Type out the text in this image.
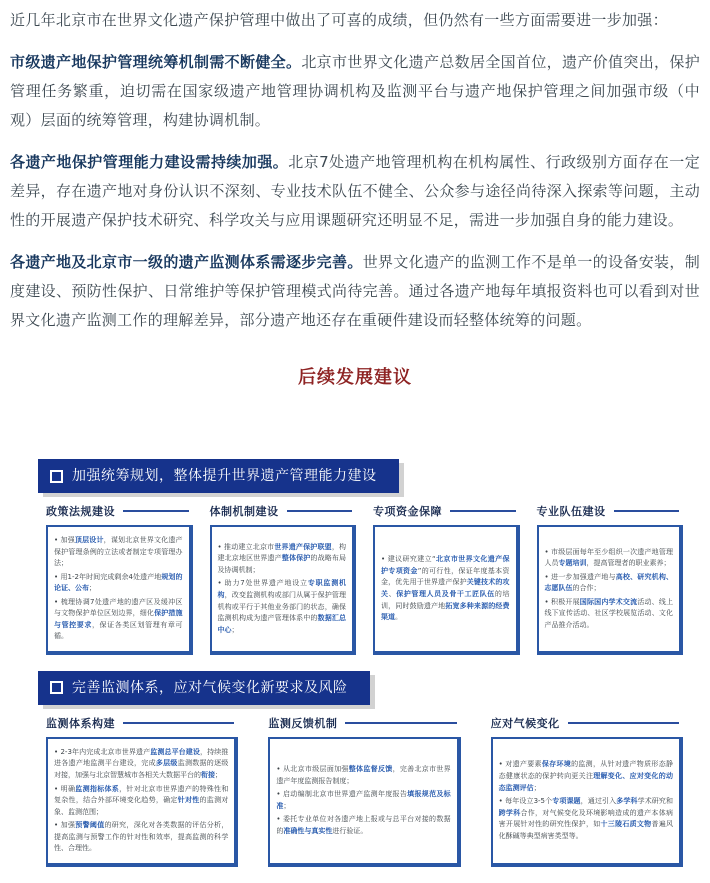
近几年北京市在世界文化遗产保护管理中做出了可喜的成绩，但仍然有一些方面需要进一步加强：

市级遗产地保护管理统筹机制需不断健全。北京市世界文化遗产总数居全国首位，遗产价值突出，保护管理任务繁重，迫切需在国家级遗产地管理协调机构及监测平台与遗产地保护管理之间加强市级（中观）层面的统筹管理，构建协调机制。

各遗产地保护管理能力建设需持续加强。北京7处遗产地管理机构在机构属性、行政级别方面存在一定差异，存在遗产地对身份认识不深刻、专业技术队伍不健全、公众参与途径尚待深入探索等问题，主动性的开展遗产保护技术研究、科学攻关与应用课题研究还明显不足，需进一步加强自身的能力建设。

各遗产地及北京市一级的遗产监测体系需逐步完善。世界文化遗产的监测工作不是单一的设备安装，制度建设、预防性保护、日常维护等保护管理模式尚待完善。通过各遗产地每年填报资料也可以看到对世界文化遗产监测工作的理解差异，部分遗产地还存在重硬件建设而轻整体统筹的问题。

后续发展建议
加强统筹规划，整体提升世界遗产管理能力建设
政策法规建设
• 加强顶层设计，谋划北京世界文化遗产保护管理条例的立法或者制定专项管理办法；
• 用1-2年时间完成剩余4处遗产地规划的论证、公布；
• 梳理协调7处遗产地的遗产区及缓冲区与文物保护单位区划边界，细化保护措施与管控要求，保证各类区划管理有章可循。
体制机制建设
• 推动建立北京市世界遗产保护联盟，构建北京地区世界遗产整体保护的战略布局及协调机制；
• 助力7处世界遗产地设立专职监测机构，改变监测机构或部门从属于保护管理机构或平行于其他业务部门的状态，确保监测机构成为遗产管理体系中的数据汇总中心；
专项资金保障
• 建议研究建立“北京市世界文化遗产保护专项资金”的可行性，保证年度基本资金，优先用于世界遗产保护关键技术的攻关、保护管理人员及骨干工匠队伍的培训，同时鼓励遗产地拓宽多种来源的经费渠道。
专业队伍建设
• 市级层面每年至少组织一次遗产地管理人员专题培训，提高管理者的职业素养；
• 进一步加强遗产地与高校、研究机构、志愿队伍的合作；
• 积极开展国际国内学术交流活动、线上线下宣传活动、社区学校展览活动、文化产品推介活动。
完善监测体系，应对气候变化新要求及风险
监测体系构建
• 2-3年内完成北京市世界遗产监测总平台建设，持续推进各遗产地监测平台建设，完成多层级监测数据的逐级对接，加强与北京智慧城市各相关大数据平台的衔接；
• 明确监测指标体系，针对北京市世界遗产的特殊性和复杂性，结合外部环境变化趋势，确定针对性的监测对象、监测范围；
• 加强预警阈值的研究，深化对各类数据的评估分析，提高监测与预警工作的针对性和效率，提高监测的科学性、合理性。
监测反馈机制
• 从北京市级层面加强整体监督反馈，完善北京市世界遗产年度监测报告制度；
• 启动编制北京市世界遗产监测年度报告填报规范及标准；
• 委托专业单位对各遗产地上报或与总平台对接的数据的准确性与真实性进行验证。
应对气候变化
• 对遗产要素保存环境的监测，从针对遗产物质形态静态健康状态的保护转向更关注理解变化、应对变化的动态监测评估；
• 每年设立3-5个专项课题，通过引入多学科学术研究和跨学科合作，对气候变化及环境影响造成的遗产本体病害开展针对性的研究性保护，如十三陵石质文物普遍风化酥碱等典型病害类型等。
